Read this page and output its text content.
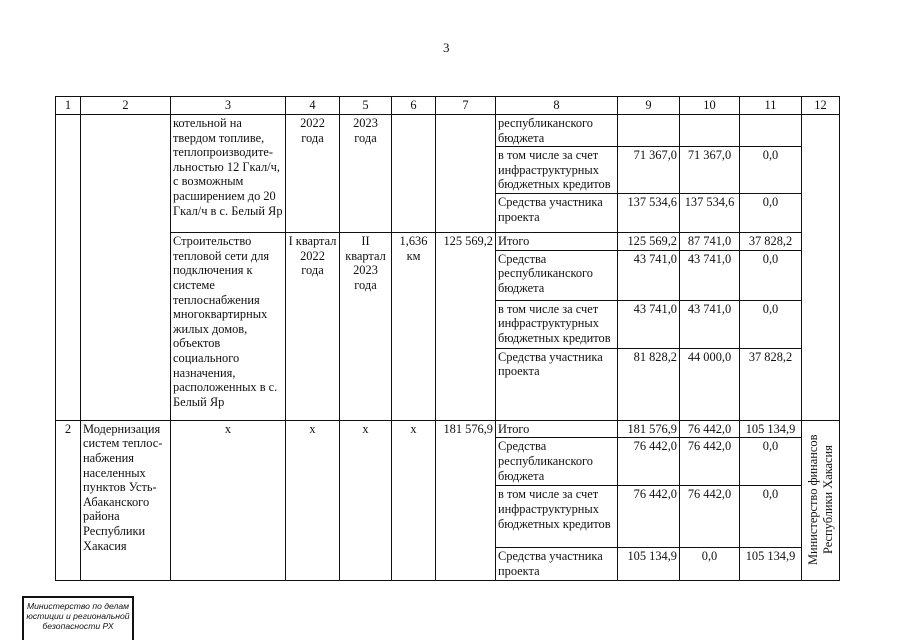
3
1	2	3	4	5	6	7	8	9	10	11	12
		котельной на твердом топливе, теплопроизводите-льностью 12 Гкал/ч, с возможным расширением до 20 Гкал/ч в с. Белый Яр	2022 года	2023 года			республиканского бюджета				
							в том числе за счет инфраструктурных бюджетных кредитов	71 367,0	71 367,0	0,0	
							Средства участника проекта	137 534,6	137 534,6	0,0	
		Строительство тепловой сети для подключения к системе теплоснабжения многоквартирных жилых домов, объектов социального назначения, расположенных в с. Белый Яр	I квартал 2022 года	II квартал 2023 года	1,636 км	125 569,2	Итого	125 569,2	87 741,0	37 828,2	
							Средства республиканского бюджета	43 741,0	43 741,0	0,0	
							в том числе за счет инфраструктурных бюджетных кредитов	43 741,0	43 741,0	0,0	
							Средства участника проекта	81 828,2	44 000,0	37 828,2	
2	Модернизация систем теплос-набжения населенных пунктов Усть-Абаканского района Республики Хакасия	х	х	х	х	181 576,9	Итого	181 576,9	76 442,0	105 134,9	Министерство финансов Республики Хакасия

							Средства республиканского бюджета	76 442,0	76 442,0	0,0	
							в том числе за счет инфраструктурных бюджетных кредитов	76 442,0	76 442,0	0,0	
							Средства участника проекта	105 134,9	0,0	105 134,9	
Министерство по делам
юстиции и региональной
безопасности РХ
